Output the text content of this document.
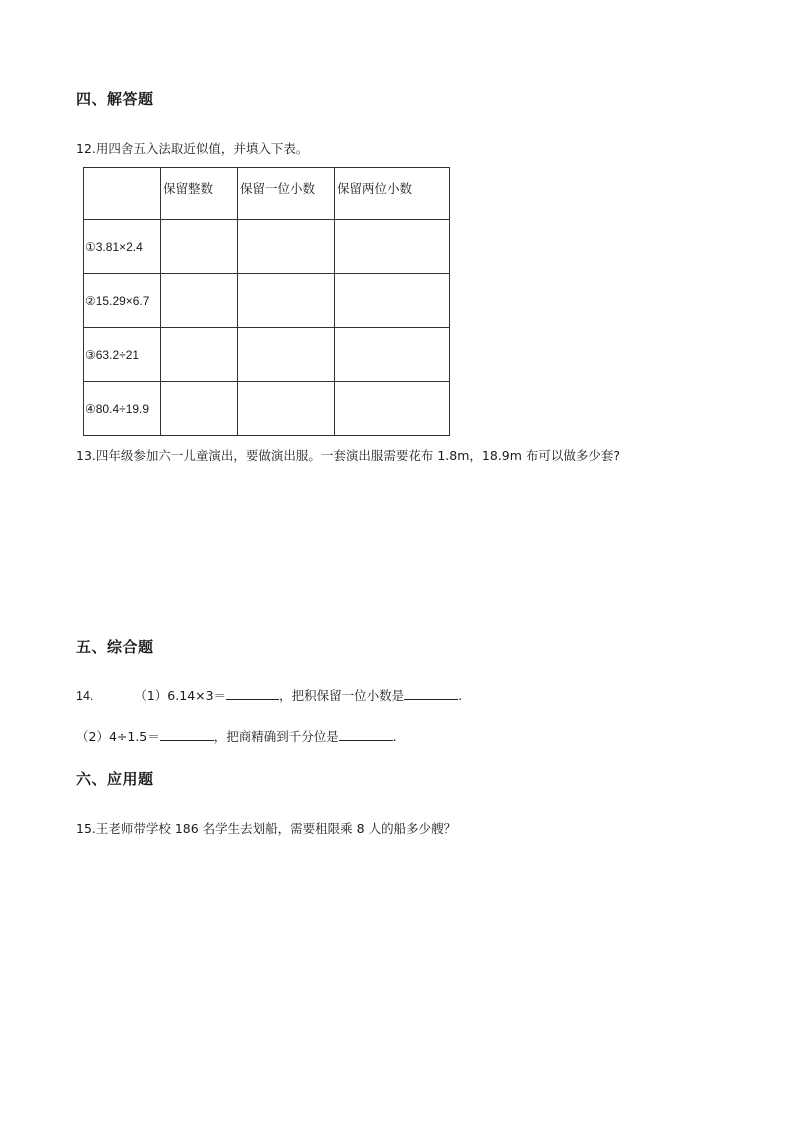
四、解答题
12.用四舍五入法取近似值，并填入下表。
	保留整数	保留一位小数	保留两位小数
①3.81×2.4			
②15.29×6.7			
③63.2÷21			
④80.4÷19.9			
13.四年级参加六一儿童演出，要做演出服。一套演出服需要花布 1.8m，18.9m 布可以做多少套?
五、综合题
14.	（1）6.14×3＝	，把积保留一位小数是	.
（2）4÷1.5＝	，把商精确到千分位是	.
六、应用题
15.王老师带学校 186 名学生去划船，需要租限乘 8 人的船多少艘？
